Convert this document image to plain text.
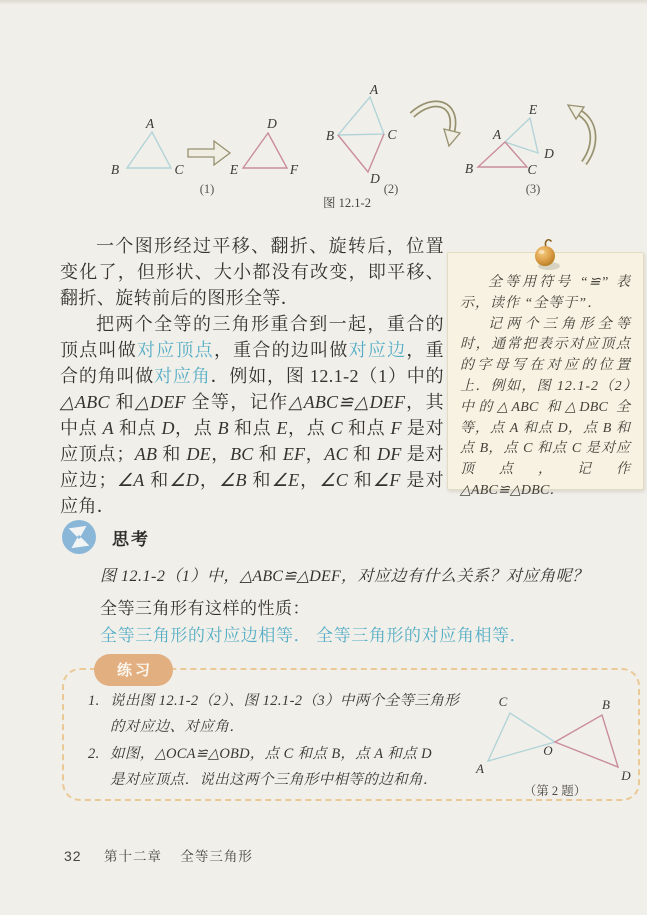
A
B	C
D
E	F
(1)
A
B	C
D
(2)
E
A
D
B	C
(3)
图 12.1-2

一个图形经过平移、翻折、旋转后，位置变化了，但形状、大小都没有改变，即平移、翻折、旋转前后的图形全等．

把两个全等的三角形重合到一起，重合的顶点叫做对应顶点，重合的边叫做对应边，重合的角叫做对应角．例如，图 12.1-2（1）中的△ABC 和△DEF 全等，记作△ABC≌△DEF，其中点 A 和点 D，点 B 和点 E，点 C 和点 F 是对应顶点；AB 和 DE，BC 和 EF，AC 和 DF 是对应边；∠A 和∠D，∠B 和∠E，∠C 和∠F 是对应角．

全等用符号 “≌” 表示，读作 “全等于”．

记两个三角形全等时，通常把表示对应顶点的字母写在对应的位置上．例如，图 12.1-2（2）中的△ABC 和△DBC 全等，点 A 和点 D，点 B 和点 B，点 C 和点 C 是对应顶点，记作△ABC≌△DBC．

思考

图 12.1-2（1）中，△ABC≌△DEF，对应边有什么关系？对应角呢？

全等三角形有这样的性质：

全等三角形的对应边相等． 全等三角形的对应角相等．

练习
1. 说出图 12.1-2（2）、图 12.1-2（3）中两个全等三角形
的对应边、对应角．
2. 如图，△OCA≌△OBD，点 C 和点 B，点 A 和点 D
是对应顶点．说出这两个三角形中相等的边和角．
C
A
O
B
D
（第 2 题）
32 第十二章 全等三角形
